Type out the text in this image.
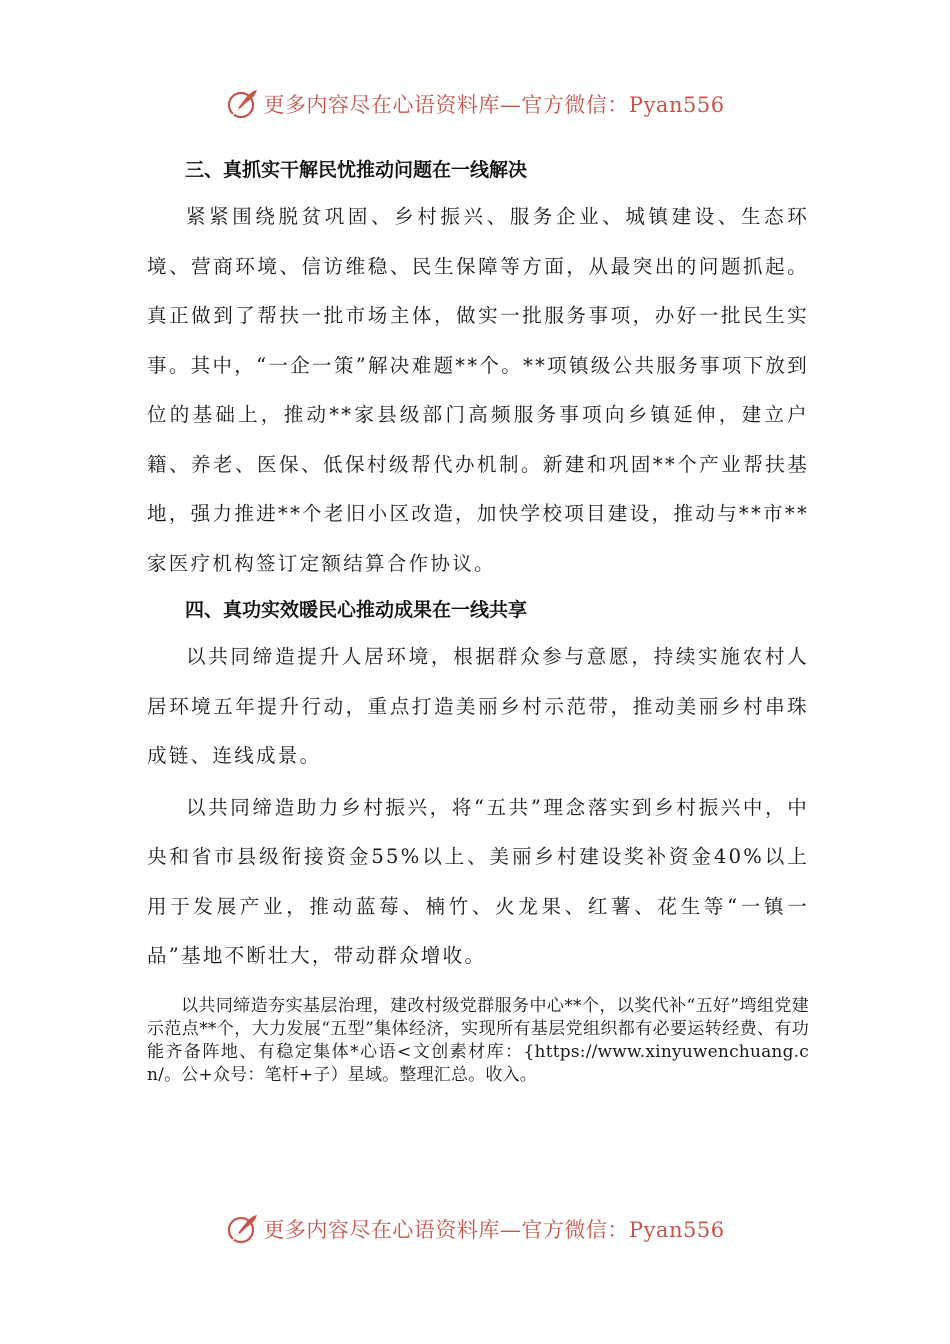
更多内容尽在心语资料库—官方微信：Pyan556
三、真抓实干解民忧推动问题在一线解决

紧紧围绕脱贫巩固、乡村振兴、服务企业、城镇建设、生态环境、营商环境、信访维稳、民生保障等方面，从最突出的问题抓起。真正做到了帮扶一批市场主体，做实一批服务事项，办好一批民生实事。其中，“一企一策”解决难题**个。**项镇级公共服务事项下放到位的基础上，推动**家县级部门高频服务事项向乡镇延伸，建立户籍、养老、医保、低保村级帮代办机制。新建和巩固**个产业帮扶基地，强力推进**个老旧小区改造，加快学校项目建设，推动与**市**家医疗机构签订定额结算合作协议。

四、真功实效暖民心推动成果在一线共享

以共同缔造提升人居环境，根据群众参与意愿，持续实施农村人居环境五年提升行动，重点打造美丽乡村示范带，推动美丽乡村串珠成链、连线成景。

以共同缔造助力乡村振兴，将“五共”理念落实到乡村振兴中，中央和省市县级衔接资金55%以上、美丽乡村建设奖补资金40%以上用于发展产业，推动蓝莓、楠竹、火龙果、红薯、花生等“一镇一品”基地不断壮大，带动群众增收。

以共同缔造夯实基层治理，建改村级党群服务中心**个，以奖代补“五好”塆组党建示范点**个，大力发展“五型”集体经济，实现所有基层党组织都有必要运转经费、有功能齐备阵地、有稳定集体*心语<文创素材库：{https://www.xinyuwenchuang.cn/。公+众号：笔杆+子）星域。整理汇总。收入。

更多内容尽在心语资料库—官方微信：Pyan556
